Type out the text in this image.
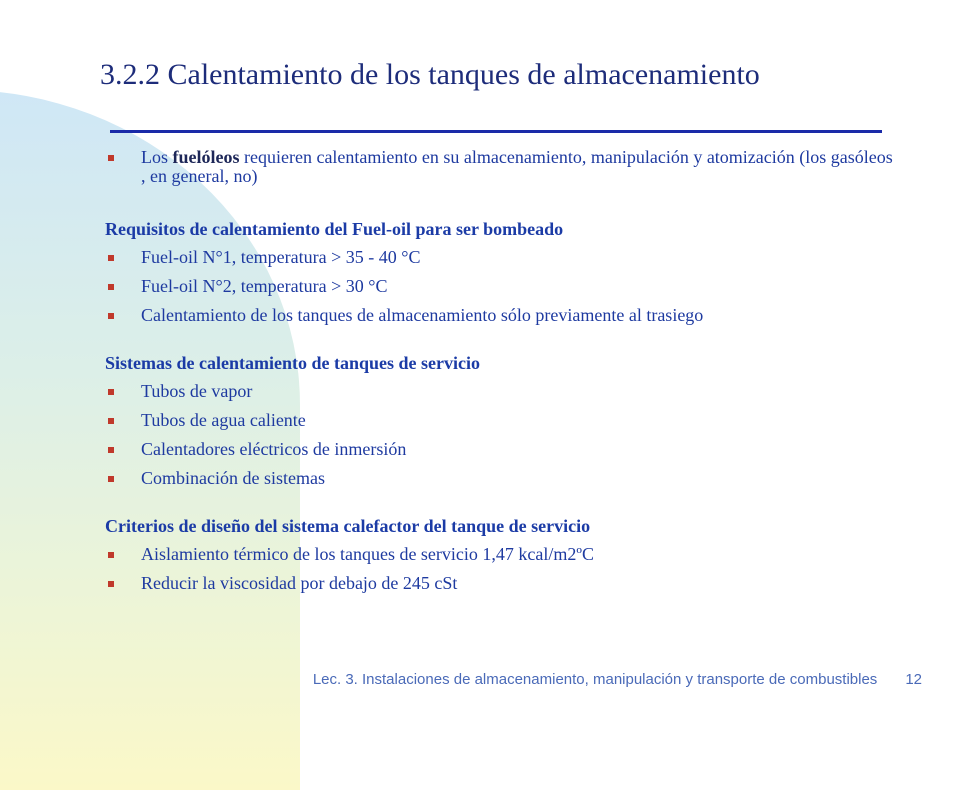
3.2.2 Calentamiento de los tanques de almacenamiento
Los fuelóleos requieren calentamiento en su almacenamiento, manipulación y atomización (los gasóleos , en general, no)
Requisitos de calentamiento del Fuel-oil para ser bombeado
Fuel-oil N°1, temperatura > 35 - 40 °C
Fuel-oil N°2, temperatura > 30 °C
Calentamiento de los tanques de almacenamiento sólo previamente al trasiego
Sistemas de calentamiento de tanques de servicio
Tubos de vapor
Tubos de agua caliente
Calentadores eléctricos de inmersión
Combinación de sistemas
Criterios de diseño del sistema calefactor del tanque de servicio
Aislamiento térmico de los tanques de servicio 1,47 kcal/m2ºC
Reducir la viscosidad por debajo de 245 cSt
Lec. 3. Instalaciones de almacenamiento, manipulación y transporte de combustibles 12
